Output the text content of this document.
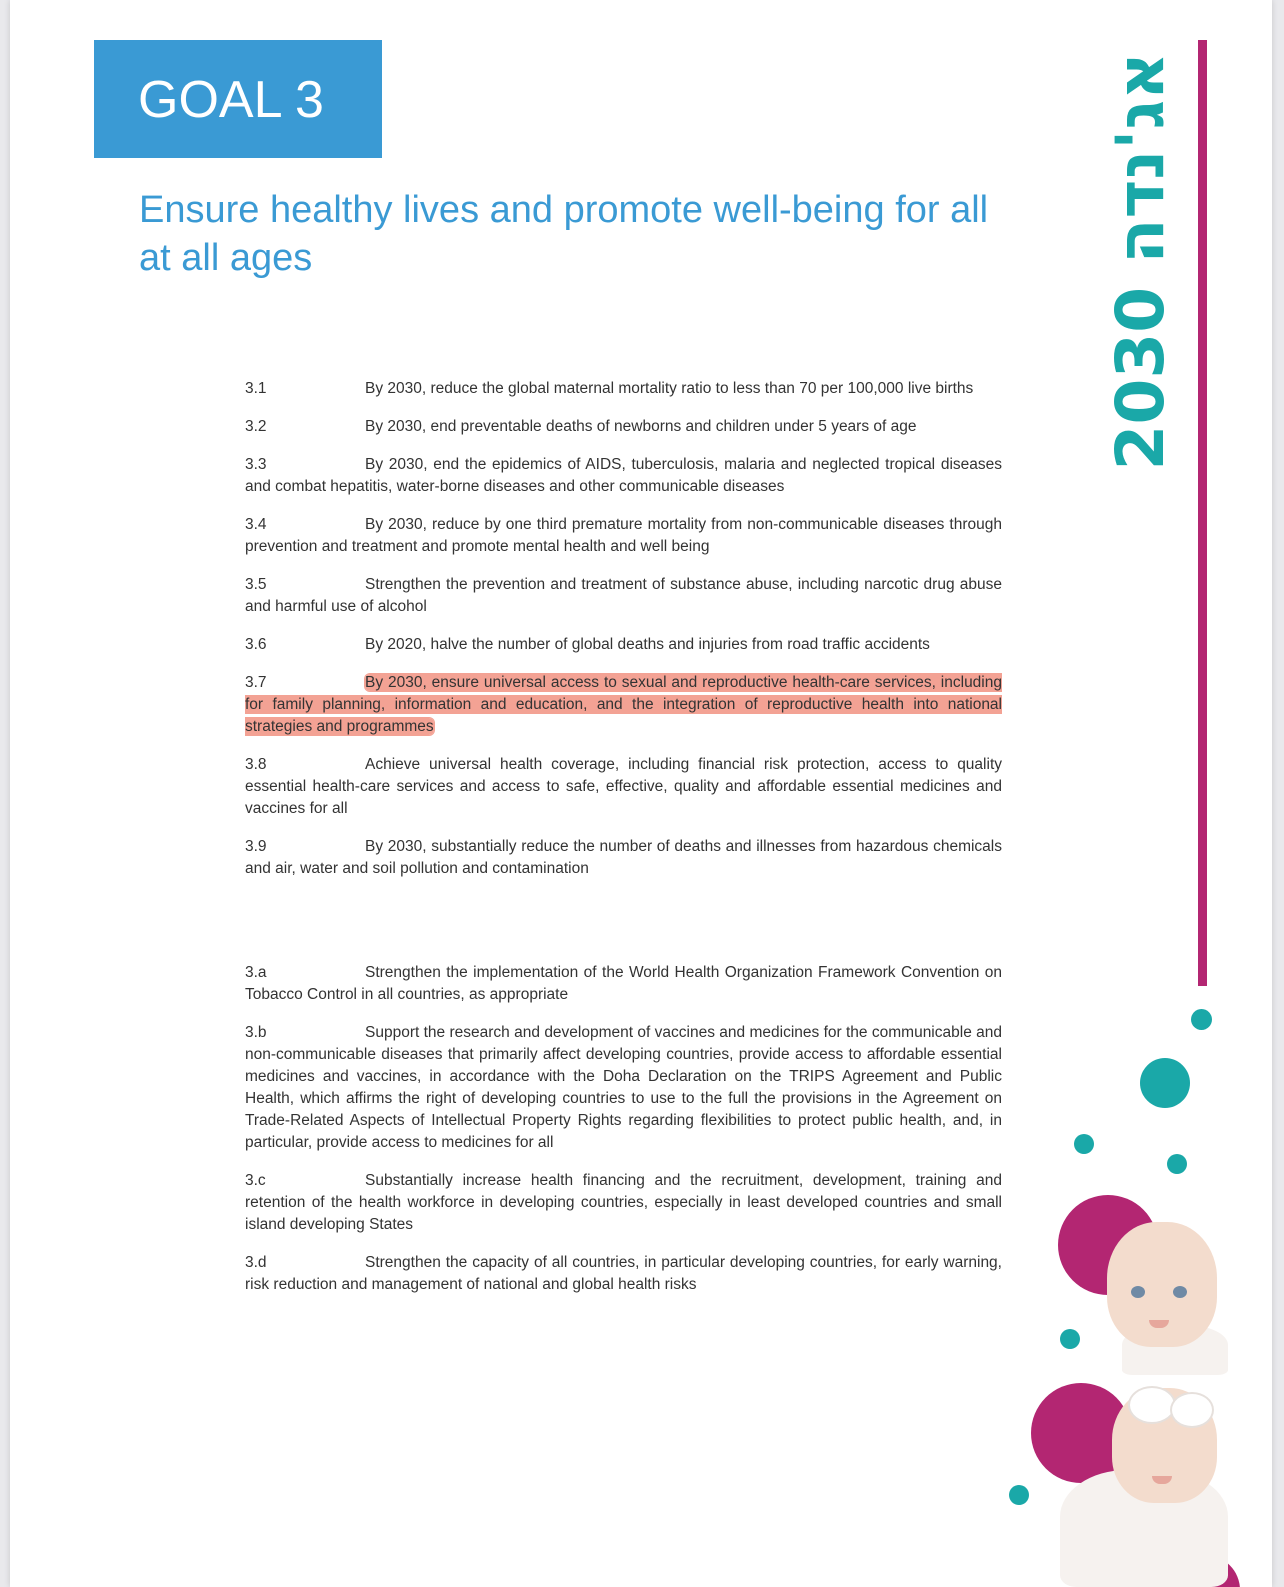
GOAL 3
Ensure healthy lives and promote well-being for all at all ages

3.1	By 2030, reduce the global maternal mortality ratio to less than 70 per 100,000 live births

3.2	By 2030, end preventable deaths of newborns and children under 5 years of age

3.3	By 2030, end the epidemics of AIDS, tuberculosis, malaria and neglected tropical diseases and combat hepatitis, water-borne diseases and other communicable diseases

3.4	By 2030, reduce by one third premature mortality from non-communicable diseases through prevention and treatment and promote mental health and well being

3.5	Strengthen the prevention and treatment of substance abuse, including narcotic drug abuse and harmful use of alcohol

3.6	By 2020, halve the number of global deaths and injuries from road traffic accidents

3.7	By 2030, ensure universal access to sexual and reproductive health-care services, including for family planning, information and education, and the integration of reproductive health into national strategies and programmes

3.8	Achieve universal health coverage, including financial risk protection, access to quality essential health-care services and access to safe, effective, quality and affordable essential medicines and vaccines for all

3.9	By 2030, substantially reduce the number of deaths and illnesses from hazardous chemicals and air, water and soil pollution and contamination

3.a	Strengthen the implementation of the World Health Organization Framework Convention on Tobacco Control in all countries, as appropriate

3.b	Support the research and development of vaccines and medicines for the communicable and non-communicable diseases that primarily affect developing countries, provide access to affordable essential medicines and vaccines, in accordance with the Doha Declaration on the TRIPS Agreement and Public Health, which affirms the right of developing countries to use to the full the provisions in the Agreement on Trade-Related Aspects of Intellectual Property Rights regarding flexibilities to protect public health, and, in particular, provide access to medicines for all

3.c	Substantially increase health financing and the recruitment, development, training and retention of the health workforce in developing countries, especially in least developed countries and small island developing States

3.d	Strengthen the capacity of all countries, in particular developing countries, for early warning, risk reduction and management of national and global health risks

2030 אג'נדה
